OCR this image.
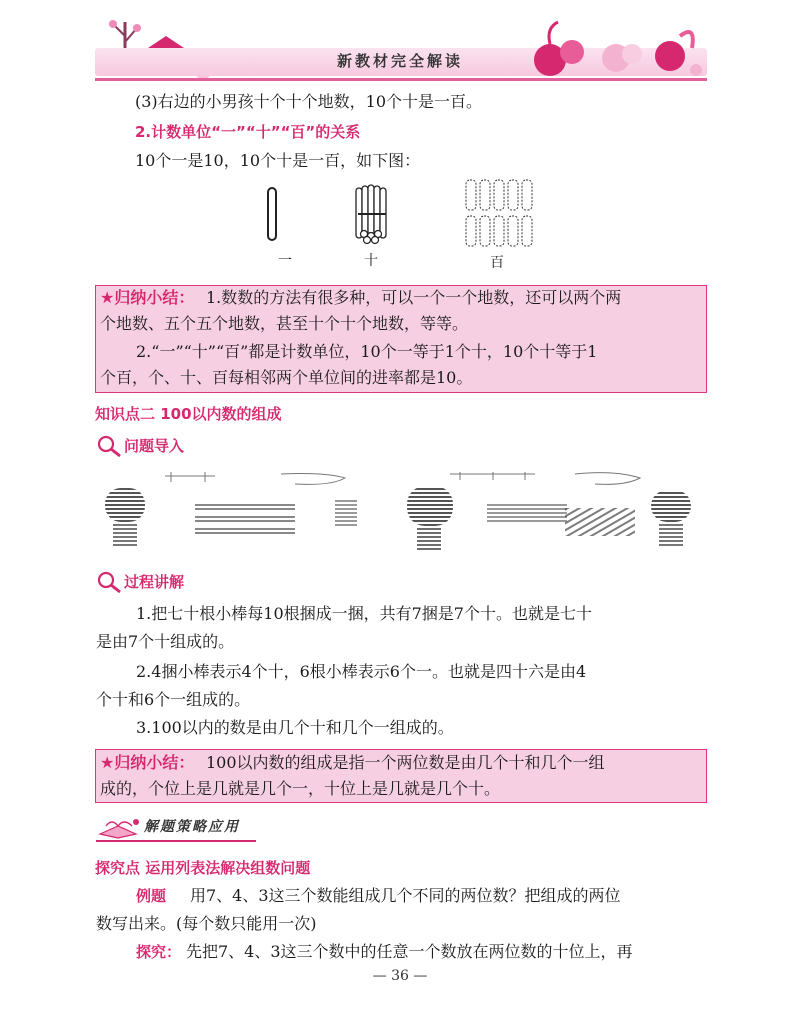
新教材完全解读
(3)右边的小男孩十个十个地数，10个十是一百。
2.计数单位“一”“十”“百”的关系
10个一是10，10个十是一百，如下图：
一	十	百
★归纳小结： 1.数数的方法有很多种，可以一个一个地数，还可以两个两
个地数、五个五个地数，甚至十个十个地数，等等。
2.“一”“十”“百”都是计数单位，10个一等于1个十，10个十等于1
个百，个、十、百每相邻两个单位间的进率都是10。
知识点二 100以内数的组成
问题导入
过程讲解
1.把七十根小棒每10根捆成一捆，共有7捆是7个十。也就是七十
是由7个十组成的。
2.4捆小棒表示4个十，6根小棒表示6个一。也就是四十六是由4
个十和6个一组成的。
3.100以内的数是由几个十和几个一组成的。
★归纳小结： 100以内数的组成是指一个两位数是由几个十和几个一组
成的，个位上是几就是几个一，十位上是几就是几个十。
解题策略应用
探究点 运用列表法解决组数问题
例题 用7、4、3这三个数能组成几个不同的两位数？把组成的两位
数写出来。(每个数只能用一次)
探究： 先把7、4、3这三个数中的任意一个数放在两位数的十位上，再
— 36 —
